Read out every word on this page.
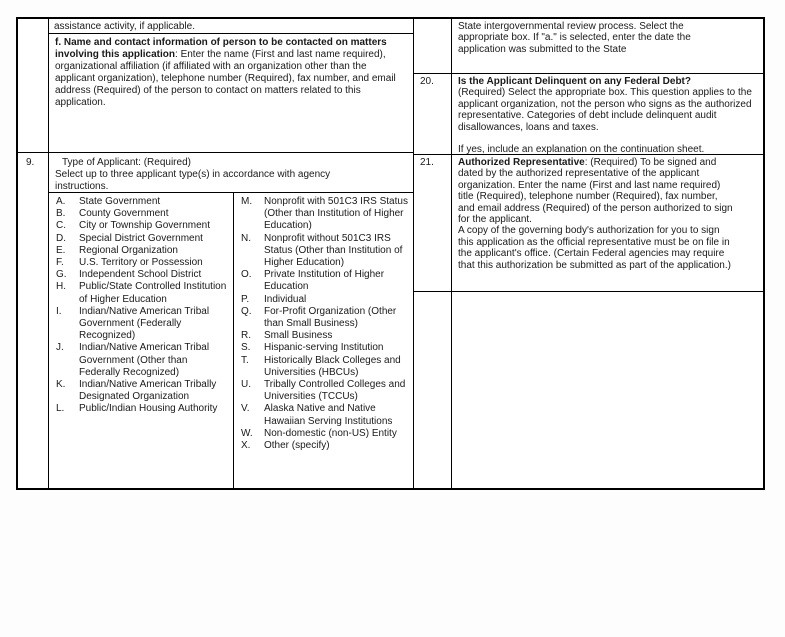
assistance activity, if applicable.
f. Name and contact information of person to be contacted on matters involving this application: Enter the name (First and last name required), organizational affiliation (if affiliated with an organization other than the applicant organization), telephone number (Required), fax number, and email address (Required) of the person to contact on matters related to this application.
9.	Type of Applicant: (Required)
Select up to three applicant type(s) in accordance with agency instructions.
A.	State Government
B.	County Government
C.	City or Township Government
D.	Special District Government
E.	Regional Organization
F.	U.S. Territory or Possession
G.	Independent School District
H.	Public/State Controlled Institution of Higher Education
I.	Indian/Native American Tribal Government (Federally Recognized)
J.	Indian/Native American Tribal Government (Other than Federally Recognized)
K.	Indian/Native American Tribally Designated Organization
L.	Public/Indian Housing Authority
M.	Nonprofit with 501C3 IRS Status (Other than Institution of Higher Education)
N.	Nonprofit without 501C3 IRS Status (Other than Institution of Higher Education)
O.	Private Institution of Higher Education
P.	Individual
Q.	For-Profit Organization (Other than Small Business)
R.	Small Business
S.	Hispanic-serving Institution
T.	Historically Black Colleges and Universities (HBCUs)
U.	Tribally Controlled Colleges and Universities (TCCUs)
V.	Alaska Native and Native Hawaiian Serving Institutions
W.	Non-domestic (non-US) Entity
X.	Other (specify)
State intergovernmental review process. Select the appropriate box. If "a." is selected, enter the date the application was submitted to the State
20.	Is the Applicant Delinquent on any Federal Debt?
(Required) Select the appropriate box. This question applies to the applicant organization, not the person who signs as the authorized representative. Categories of debt include delinquent audit disallowances, loans and taxes.
If yes, include an explanation on the continuation sheet.
21.	Authorized Representative: (Required) To be signed and dated by the authorized representative of the applicant organization. Enter the name (First and last name required) title (Required), telephone number (Required), fax number, and email address (Required) of the person authorized to sign for the applicant.
A copy of the governing body's authorization for you to sign this application as the official representative must be on file in the applicant's office. (Certain Federal agencies may require that this authorization be submitted as part of the application.)
